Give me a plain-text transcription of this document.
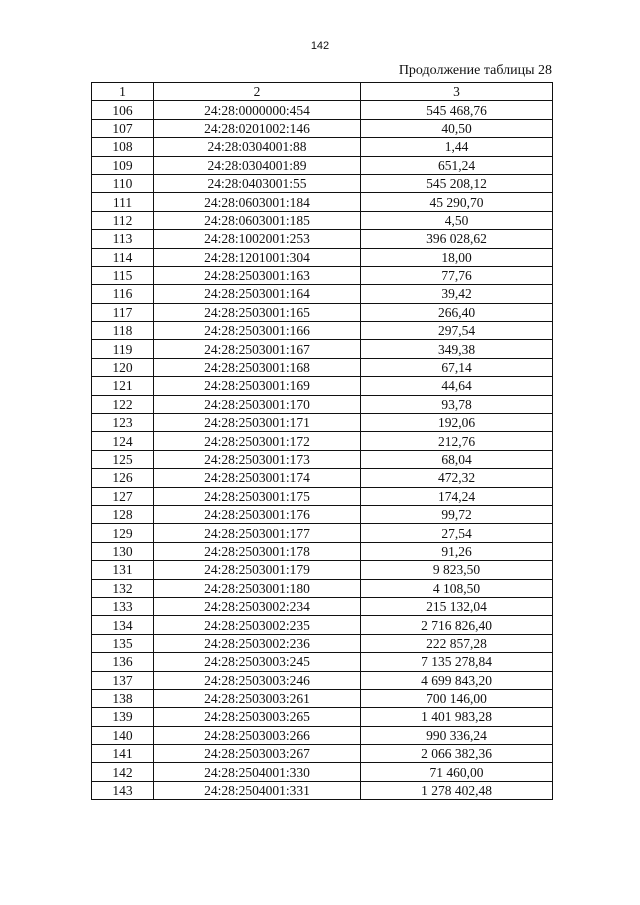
142
Продолжение таблицы 28
1	2	3
106	24:28:0000000:454	545 468,76
107	24:28:0201002:146	40,50
108	24:28:0304001:88	1,44
109	24:28:0304001:89	651,24
110	24:28:0403001:55	545 208,12
111	24:28:0603001:184	45 290,70
112	24:28:0603001:185	4,50
113	24:28:1002001:253	396 028,62
114	24:28:1201001:304	18,00
115	24:28:2503001:163	77,76
116	24:28:2503001:164	39,42
117	24:28:2503001:165	266,40
118	24:28:2503001:166	297,54
119	24:28:2503001:167	349,38
120	24:28:2503001:168	67,14
121	24:28:2503001:169	44,64
122	24:28:2503001:170	93,78
123	24:28:2503001:171	192,06
124	24:28:2503001:172	212,76
125	24:28:2503001:173	68,04
126	24:28:2503001:174	472,32
127	24:28:2503001:175	174,24
128	24:28:2503001:176	99,72
129	24:28:2503001:177	27,54
130	24:28:2503001:178	91,26
131	24:28:2503001:179	9 823,50
132	24:28:2503001:180	4 108,50
133	24:28:2503002:234	215 132,04
134	24:28:2503002:235	2 716 826,40
135	24:28:2503002:236	222 857,28
136	24:28:2503003:245	7 135 278,84
137	24:28:2503003:246	4 699 843,20
138	24:28:2503003:261	700 146,00
139	24:28:2503003:265	1 401 983,28
140	24:28:2503003:266	990 336,24
141	24:28:2503003:267	2 066 382,36
142	24:28:2504001:330	71 460,00
143	24:28:2504001:331	1 278 402,48
